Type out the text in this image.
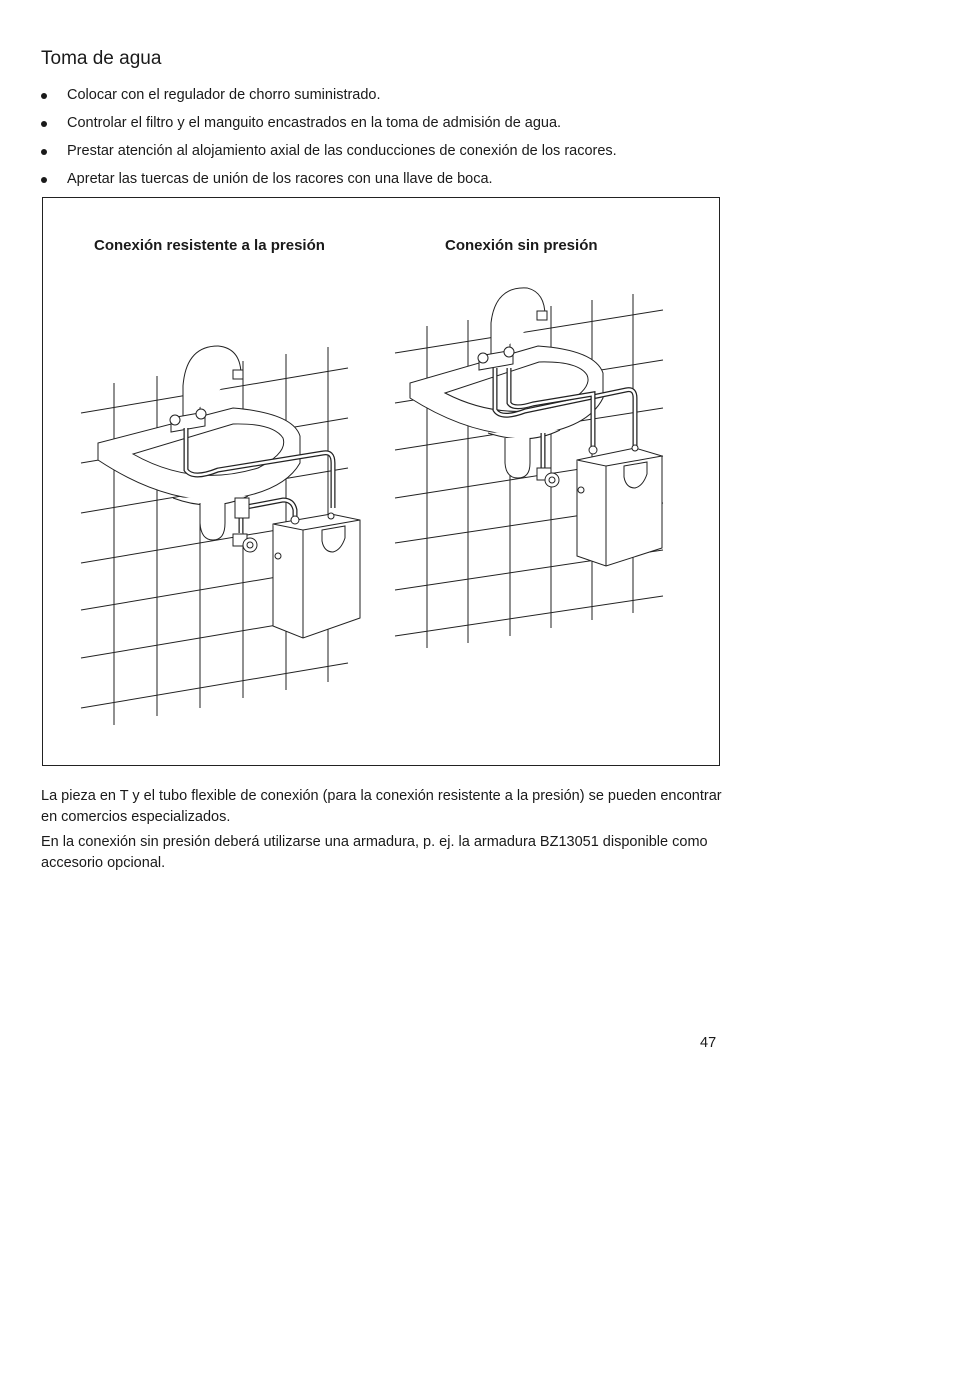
Toma de agua
Colocar con el regulador de chorro suministrado.
Controlar el filtro y el manguito encastrados en la toma de admisión de agua.
Prestar atención al alojamiento axial de las conducciones de conexión de los racores.
Apretar las tuercas de unión de los racores con una llave de boca.
Conexión resistente a la presión	Conexión sin presión

La pieza en T y el tubo flexible de conexión (para la conexión resistente a la presión) se pueden encontrar en comercios especializados.

En la conexión sin presión deberá utilizarse una armadura, p. ej. la armadura BZ13051 disponible como accesorio opcional.

47
